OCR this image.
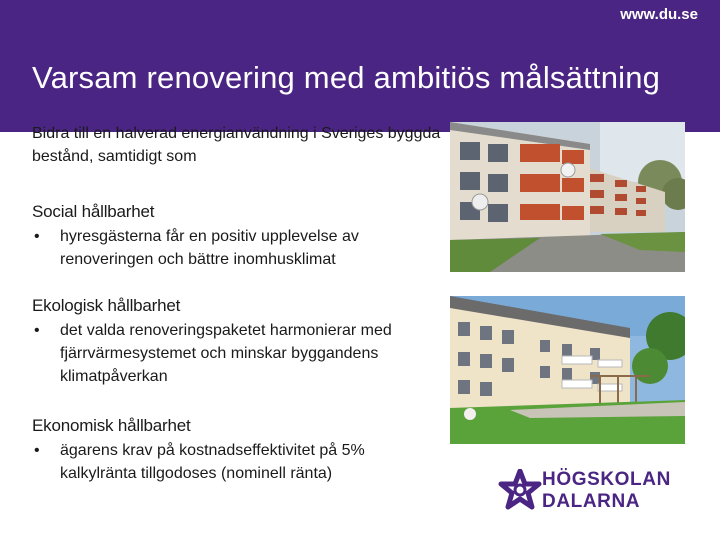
www.du.se
Varsam renovering med ambitiös målsättning

Bidra till en halverad energianvändning i Sveriges byggda bestånd, samtidigt som

Social hållbarhet

• hyresgästerna får en positiv upplevelse av renoveringen och bättre inomhusklimat

Ekologisk hållbarhet

• det valda renoveringspaketet harmonierar med fjärrvärmesystemet och minskar byggandens klimatpåverkan

Ekonomisk hållbarhet

• ägarens krav på kostnadseffektivitet på 5% kalkylränta tillgodoses (nominell ränta)	HÖGSKOLAN
DALARNA
